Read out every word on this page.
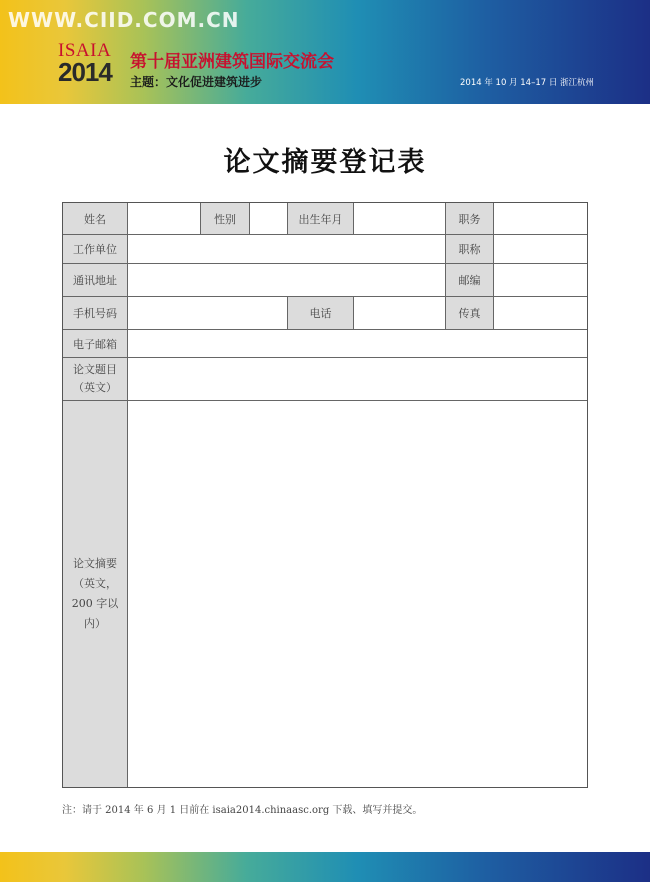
WWW.CIID.COM.CN
ISAIA
2014 第十届亚洲建筑国际交流会
主题：文化促进建筑进步	2014 年 10 月 14–17 日 浙江杭州
论文摘要登记表
姓名	性别	出生年月	职务
工作单位	职称
通讯地址	邮编
手机号码	电话	传真
电子邮箱
论文题目
（英文）
论文摘要
（英文，
200 字以
内）
注：请于 2014 年 6 月 1 日前在 isaia2014.chinaasc.org 下载、填写并提交。
